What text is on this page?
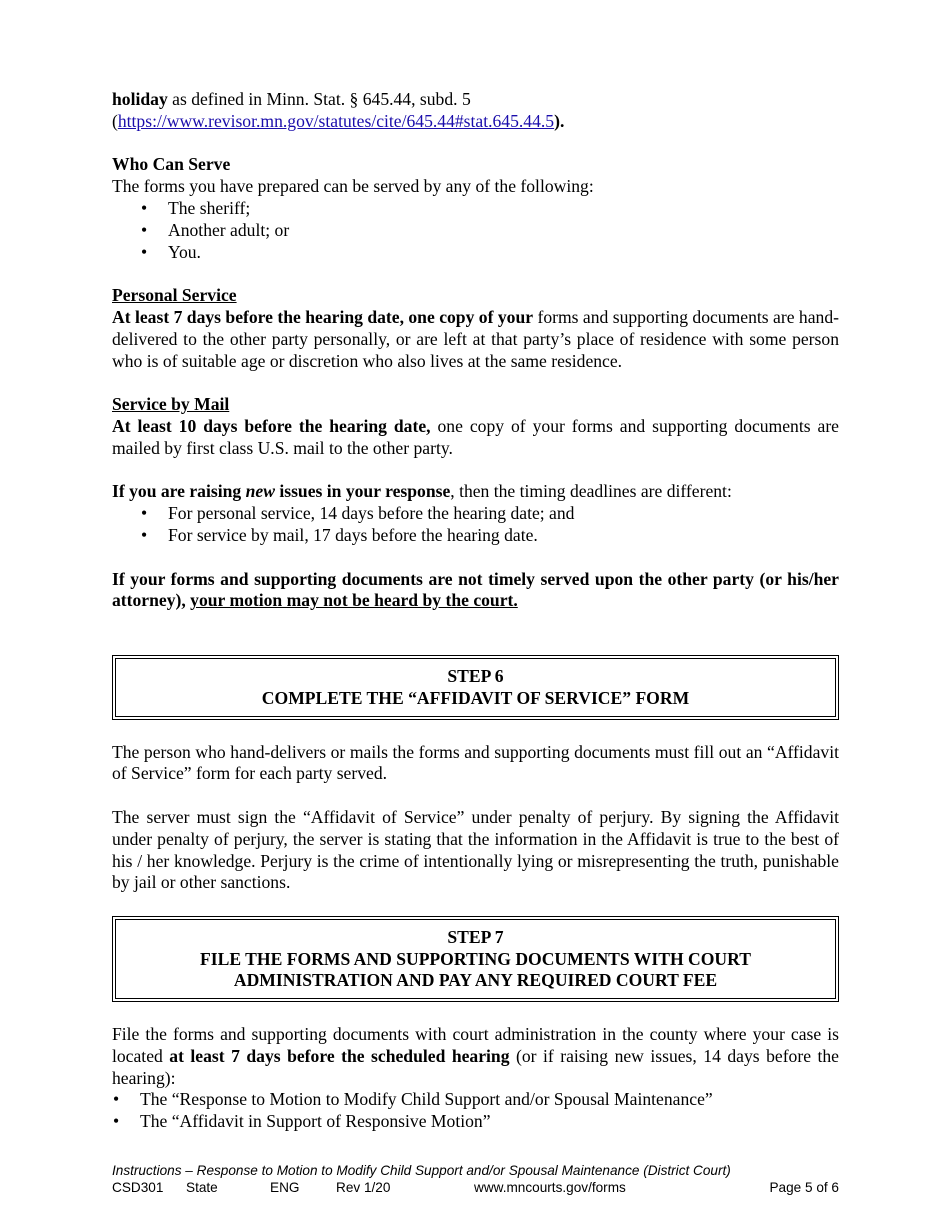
holiday as defined in Minn. Stat. § 645.44, subd. 5
(https://www.revisor.mn.gov/statutes/cite/645.44#stat.645.44.5).

Who Can Serve

The forms you have prepared can be served by any of the following:

• The sheriff;
• Another adult; or
• You.

Personal Service

At least 7 days before the hearing date, one copy of your forms and supporting documents are hand-delivered to the other party personally, or are left at that party’s place of residence with some person who is of suitable age or discretion who also lives at the same residence.

Service by Mail

At least 10 days before the hearing date, one copy of your forms and supporting documents are mailed by first class U.S. mail to the other party.

If you are raising new issues in your response, then the timing deadlines are different:

• For personal service, 14 days before the hearing date; and
• For service by mail, 17 days before the hearing date.

If your forms and supporting documents are not timely served upon the other party (or his/her attorney), your motion may not be heard by the court.

STEP 6
COMPLETE THE “AFFIDAVIT OF SERVICE” FORM

The person who hand-delivers or mails the forms and supporting documents must fill out an “Affidavit of Service” form for each party served.

The server must sign the “Affidavit of Service” under penalty of perjury. By signing the Affidavit under penalty of perjury, the server is stating that the information in the Affidavit is true to the best of his / her knowledge. Perjury is the crime of intentionally lying or misrepresenting the truth, punishable by jail or other sanctions.

STEP 7
FILE THE FORMS AND SUPPORTING DOCUMENTS WITH COURT
ADMINISTRATION AND PAY ANY REQUIRED COURT FEE

File the forms and supporting documents with court administration in the county where your case is located at least 7 days before the scheduled hearing (or if raising new issues, 14 days before the hearing):

• The “Response to Motion to Modify Child Support and/or Spousal Maintenance”
• The “Affidavit in Support of Responsive Motion”
Instructions – Response to Motion to Modify Child Support and/or Spousal Maintenance (District Court)
CSD301 State	ENG	Rev 1/20	www.mncourts.gov/forms	Page 5 of 6
